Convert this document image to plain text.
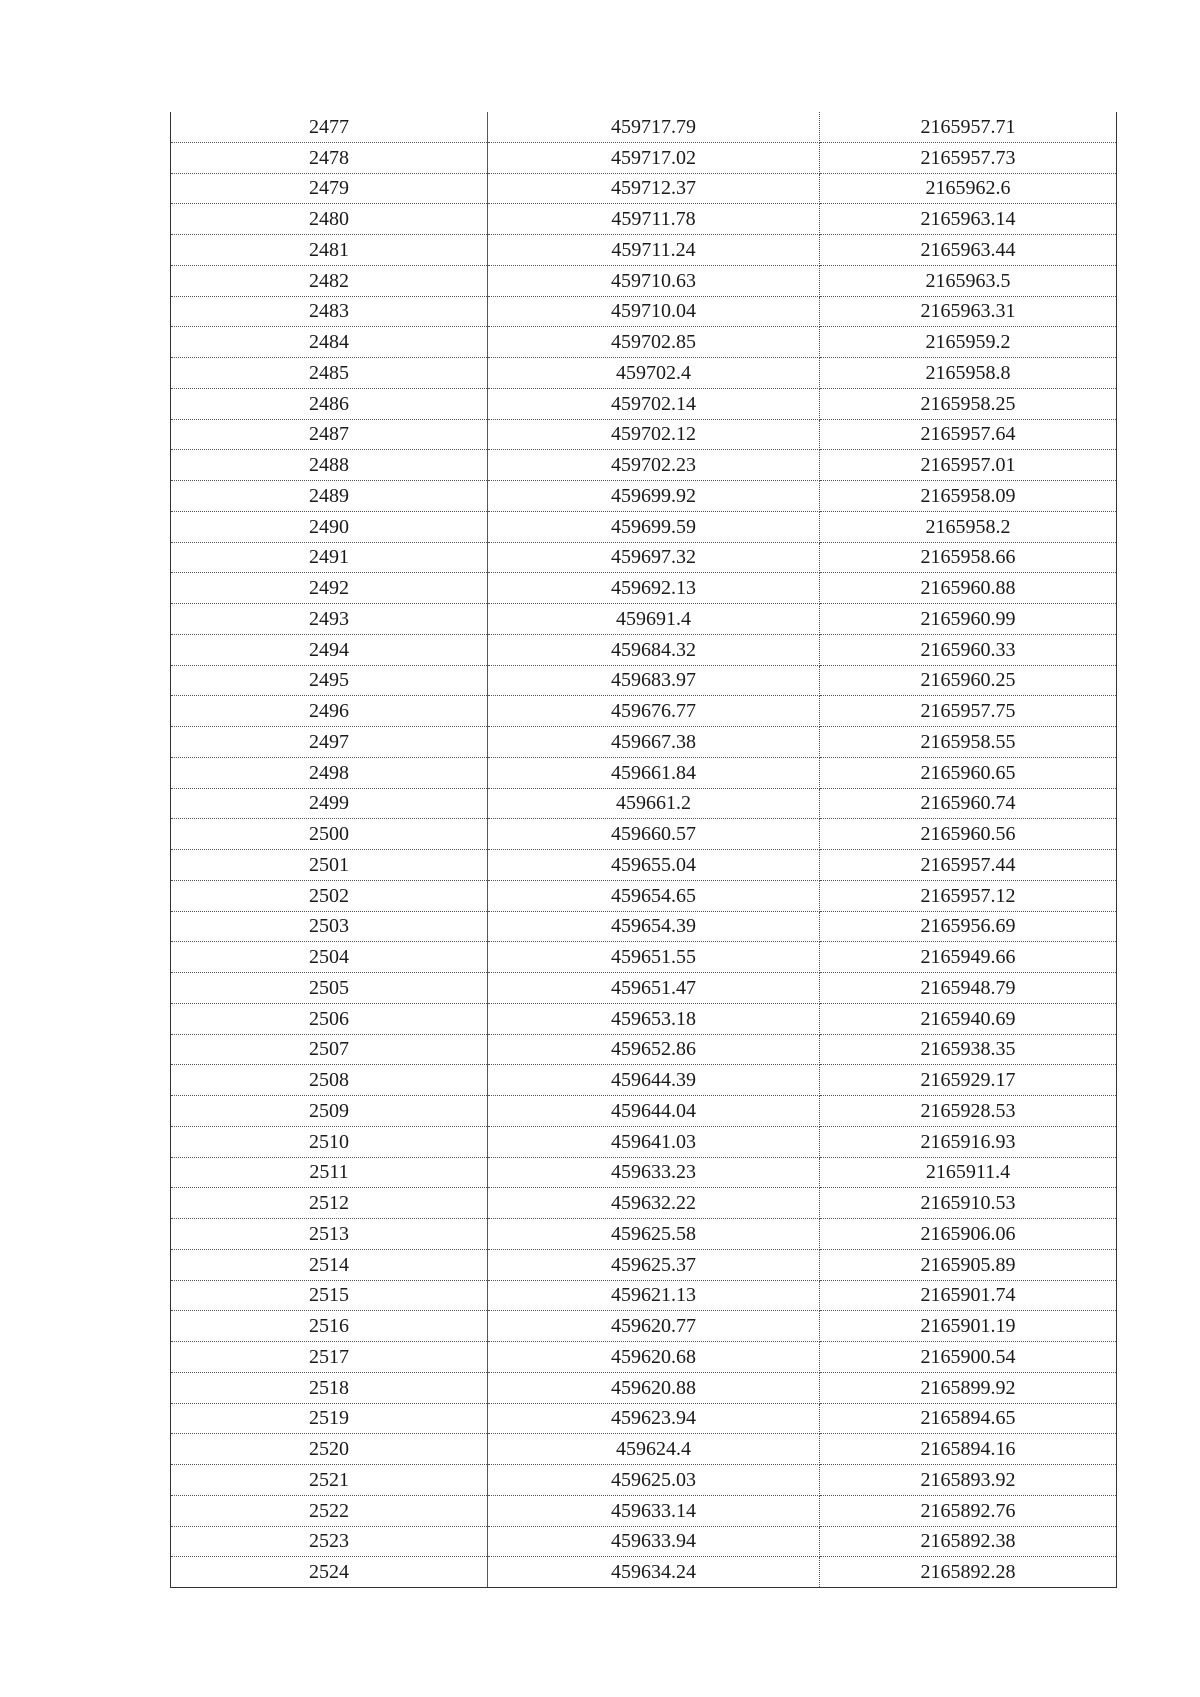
2477	459717.79	2165957.71
2478	459717.02	2165957.73
2479	459712.37	2165962.6
2480	459711.78	2165963.14
2481	459711.24	2165963.44
2482	459710.63	2165963.5
2483	459710.04	2165963.31
2484	459702.85	2165959.2
2485	459702.4	2165958.8
2486	459702.14	2165958.25
2487	459702.12	2165957.64
2488	459702.23	2165957.01
2489	459699.92	2165958.09
2490	459699.59	2165958.2
2491	459697.32	2165958.66
2492	459692.13	2165960.88
2493	459691.4	2165960.99
2494	459684.32	2165960.33
2495	459683.97	2165960.25
2496	459676.77	2165957.75
2497	459667.38	2165958.55
2498	459661.84	2165960.65
2499	459661.2	2165960.74
2500	459660.57	2165960.56
2501	459655.04	2165957.44
2502	459654.65	2165957.12
2503	459654.39	2165956.69
2504	459651.55	2165949.66
2505	459651.47	2165948.79
2506	459653.18	2165940.69
2507	459652.86	2165938.35
2508	459644.39	2165929.17
2509	459644.04	2165928.53
2510	459641.03	2165916.93
2511	459633.23	2165911.4
2512	459632.22	2165910.53
2513	459625.58	2165906.06
2514	459625.37	2165905.89
2515	459621.13	2165901.74
2516	459620.77	2165901.19
2517	459620.68	2165900.54
2518	459620.88	2165899.92
2519	459623.94	2165894.65
2520	459624.4	2165894.16
2521	459625.03	2165893.92
2522	459633.14	2165892.76
2523	459633.94	2165892.38
2524	459634.24	2165892.28
